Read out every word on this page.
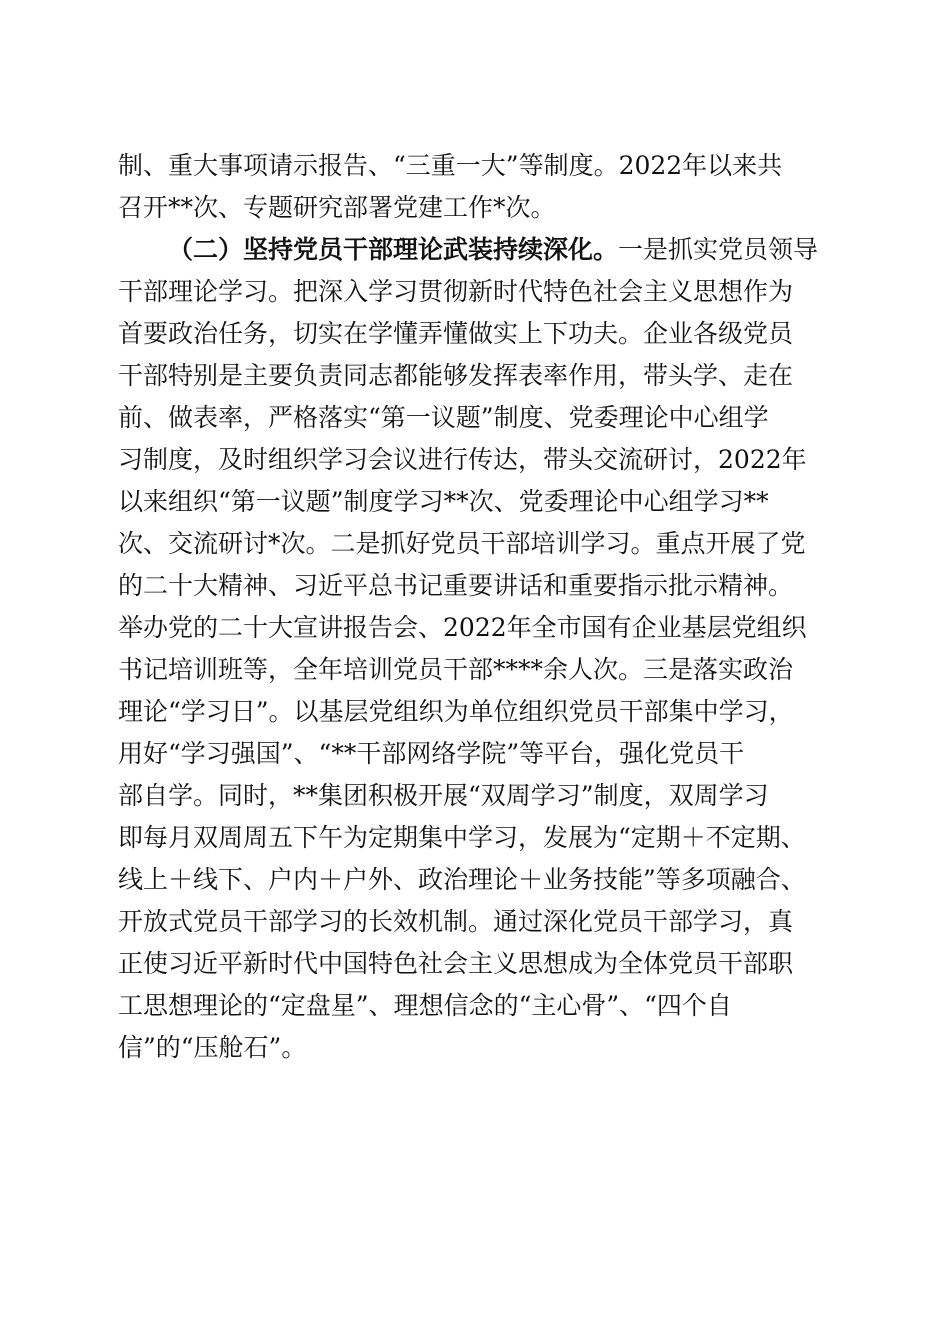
制、重大事项请示报告、“三重一大”等制度。2022年以来共
召开**次、专题研究部署党建工作*次。
（二）坚持党员干部理论武装持续深化。一是抓实党员领导
干部理论学习。把深入学习贯彻新时代特色社会主义思想作为
首要政治任务，切实在学懂弄懂做实上下功夫。企业各级党员
干部特别是主要负责同志都能够发挥表率作用，带头学、走在
前、做表率，严格落实“第一议题”制度、党委理论中心组学
习制度，及时组织学习会议进行传达，带头交流研讨，2022年
以来组织“第一议题”制度学习**次、党委理论中心组学习**
次、交流研讨*次。二是抓好党员干部培训学习。重点开展了党
的二十大精神、习近平总书记重要讲话和重要指示批示精神。
举办党的二十大宣讲报告会、2022年全市国有企业基层党组织
书记培训班等，全年培训党员干部****余人次。三是落实政治
理论“学习日”。以基层党组织为单位组织党员干部集中学习，
用好“学习强国”、“**干部网络学院”等平台，强化党员干
部自学。同时，**集团积极开展“双周学习”制度，双周学习
即每月双周周五下午为定期集中学习，发展为“定期＋不定期、
线上＋线下、户内＋户外、政治理论＋业务技能”等多项融合、
开放式党员干部学习的长效机制。通过深化党员干部学习，真
正使习近平新时代中国特色社会主义思想成为全体党员干部职
工思想理论的“定盘星”、理想信念的“主心骨”、“四个自
信”的“压舱石”。
